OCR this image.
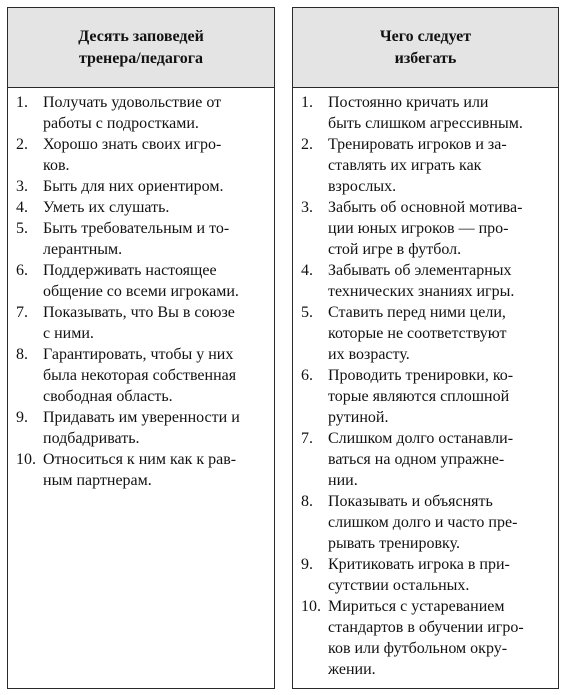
Десять заповедей
тренера/педагога
1. Получать удовольствие от
работы с подростками.
2. Хорошо знать своих игро-
ков.
3. Быть для них ориентиром.
4. Уметь их слушать.
5. Быть требовательным и то-
лерантным.
6. Поддерживать настоящее
общение со всеми игроками.
7. Показывать, что Вы в союзе
с ними.
8. Гарантировать, чтобы у них
была некоторая собственная
свободная область.
9. Придавать им уверенности и
подбадривать.
10. Относиться к ним как к рав-
ным партнерам.
Чего следует
избегать
1. Постоянно кричать или
быть слишком агрессивным.
2. Тренировать игроков и за-
ставлять их играть как
взрослых.
3. Забыть об основной мотива-
ции юных игроков — про-
стой игре в футбол.
4. Забывать об элементарных
технических знаниях игры.
5. Ставить перед ними цели,
которые не соответствуют
их возрасту.
6. Проводить тренировки, ко-
торые являются сплошной
рутиной.
7. Слишком долго останавли-
ваться на одном упражне-
нии.
8. Показывать и объяснять
слишком долго и часто пре-
рывать тренировку.
9. Критиковать игрока в при-
сутствии остальных.
10. Мириться с устареванием
стандартов в обучении игро-
ков или футбольном окру-
жении.
